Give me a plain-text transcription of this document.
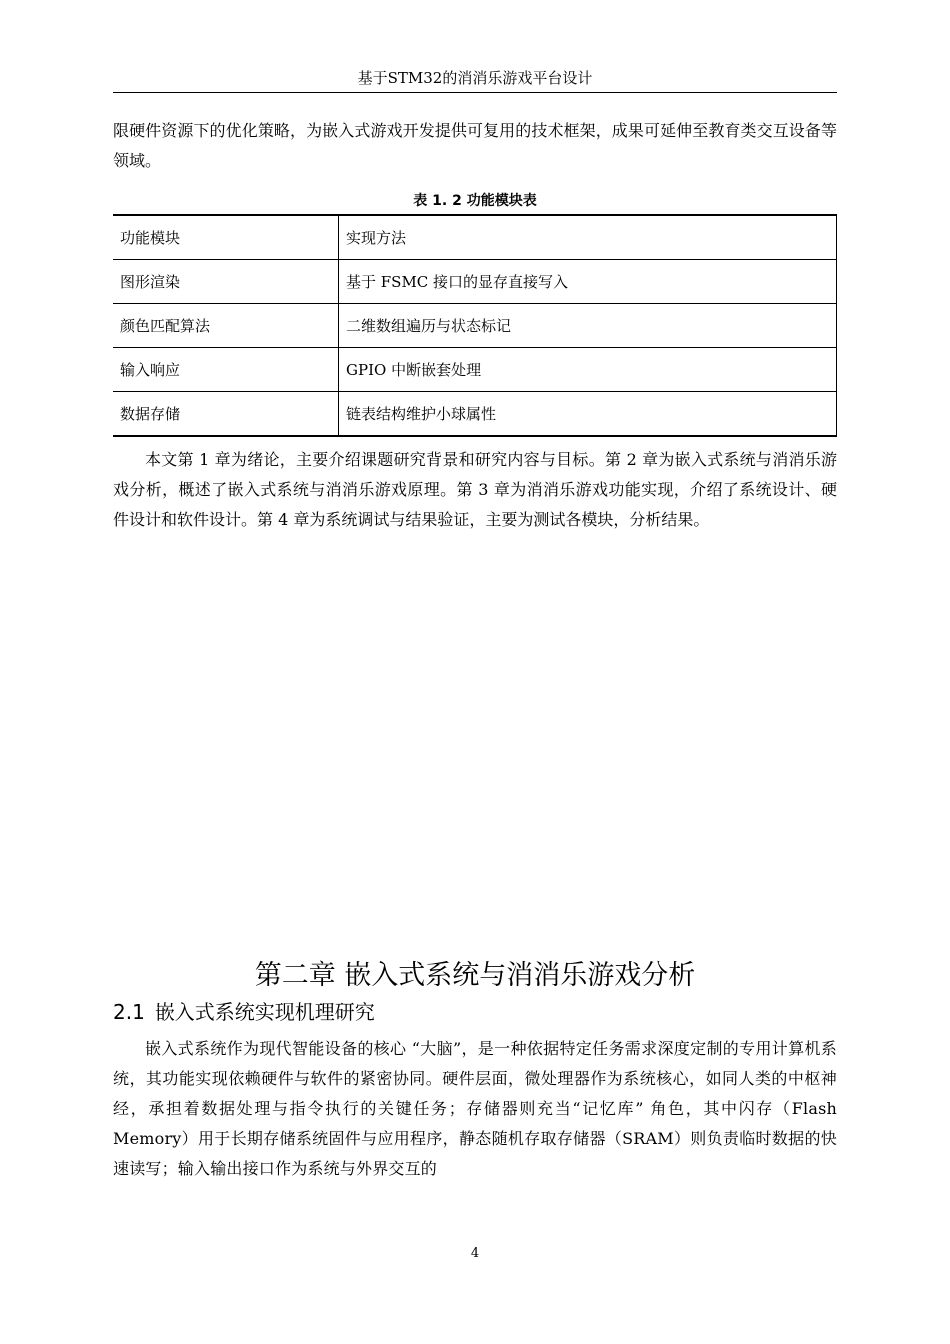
基于STM32的消消乐游戏平台设计

限硬件资源下的优化策略，为嵌入式游戏开发提供可复用的技术框架，成果可延伸至教育类交互设备等领域。

表 1. 2 功能模块表
功能模块	实现方法
图形渲染	基于 FSMC 接口的显存直接写入
颜色匹配算法	二维数组遍历与状态标记
输入响应	GPIO 中断嵌套处理
数据存储	链表结构维护小球属性

本文第 1 章为绪论，主要介绍课题研究背景和研究内容与目标。第 2 章为嵌入式系统与消消乐游戏分析，概述了嵌入式系统与消消乐游戏原理。第 3 章为消消乐游戏功能实现，介绍了系统设计、硬件设计和软件设计。第 4 章为系统调试与结果验证，主要为测试各模块，分析结果。

第二章 嵌入式系统与消消乐游戏分析
2.1 嵌入式系统实现机理研究

嵌入式系统作为现代智能设备的核心 “大脑”，是一种依据特定任务需求深度定制的专用计算机系统，其功能实现依赖硬件与软件的紧密协同。硬件层面，微处理器作为系统核心，如同人类的中枢神经，承担着数据处理与指令执行的关键任务；存储器则充当“记忆库” 角色，其中闪存（Flash Memory）用于长期存储系统固件与应用程序，静态随机存取存储器（SRAM）则负责临时数据的快速读写；输入输出接口作为系统与外界交互的

4
